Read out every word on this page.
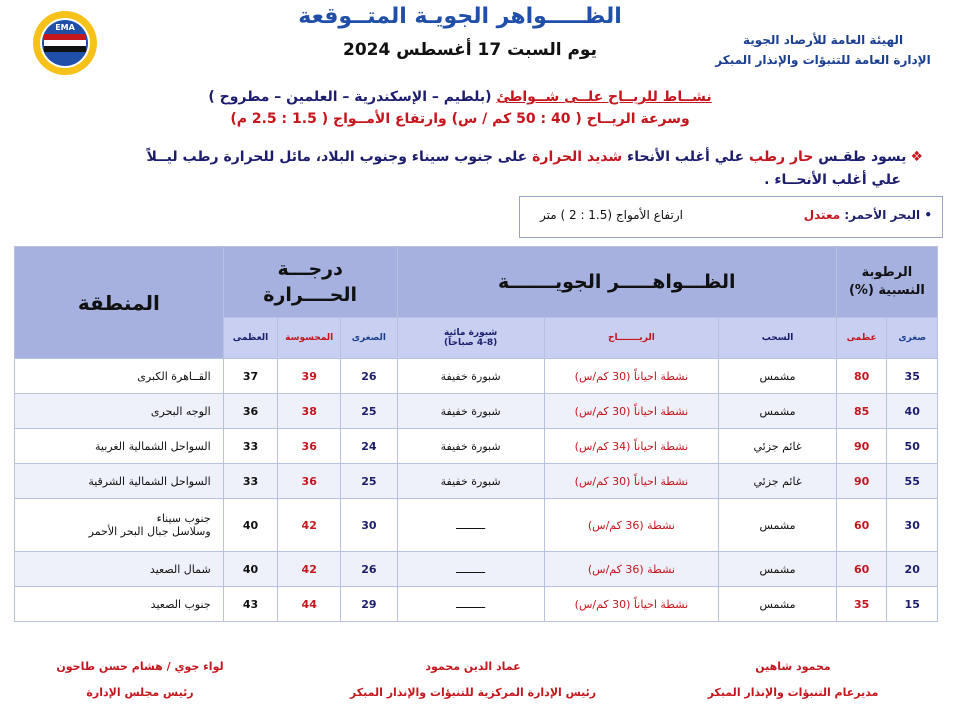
الهيئة العامة للأرصاد الجوية
الإدارة العامة للتنبؤات والإنذار المبكر
الظـــــواهر الجويـة المتــوقعة
يوم السبت 17 أغسطس 2024
EMA
نشــاط للريــاح علــى شــواطئ (بلطيم – الإسكندرية – العلمين – مطروح )
وسرعة الريــاح ( 40 : 50 كم / س) وارتفاع الأمــواج ( 1.5 : 2.5 م)
❖يسود طقـس حار رطب علي أغلب الأنحاء شديد الحرارة على جنوب سيناء وجنوب البلاد، مائل للحرارة رطب ليــلاً
علي أغلب الأنحــاء .
• البحر الأحمر: معتدل
ارتفاع الأمواج (1.5 : 2 ) متر
الرطوبة
النسبية (%)		الظـــواهـــــر الجويـــــــة			درجـــة
الحــــرارة			المنطقة
صغرى	عظمى	السحب	الريـــــــاح	شبورة مائية
(4-8 صباحاً)	الصغرى	المحسوسة	العظمى	
35	80	مشمس	نشطة احياناً (30 كم/س)	شبورة خفيفة	26	39	37	القــاهرة الكبرى
40	85	مشمس	نشطة احياناً (30 كم/س)	شبورة خفيفة	25	38	36	الوجه البحرى
50	90	غائم جزئي	نشطة احياناً (34 كم/س)	شبورة خفيفة	24	36	33	السواحل الشمالية الغربية
55	90	غائم جزئي	نشطة احياناً (30 كم/س)	شبورة خفيفة	25	36	33	السواحل الشمالية الشرقية
30	60	مشمس	نشطة (36 كم/س)	ـــــــــ	30	42	40	جنوب سيناء
وسلاسل جبال البحر الأحمر
20	60	مشمس	نشطة (36 كم/س)	ـــــــــ	26	42	40	شمال الصعيد
15	35	مشمس	نشطة احياناً (30 كم/س)	ـــــــــ	29	44	43	جنوب الصعيد
محمود شاهين
مديرعام التنبؤات والإنذار المبكر
عماد الدين محمود
رئيس الإدارة المركزية للتنبؤات والإنذار المبكر
لواء جوي / هشام حسن طاحون
رئيس مجلس الإدارة
